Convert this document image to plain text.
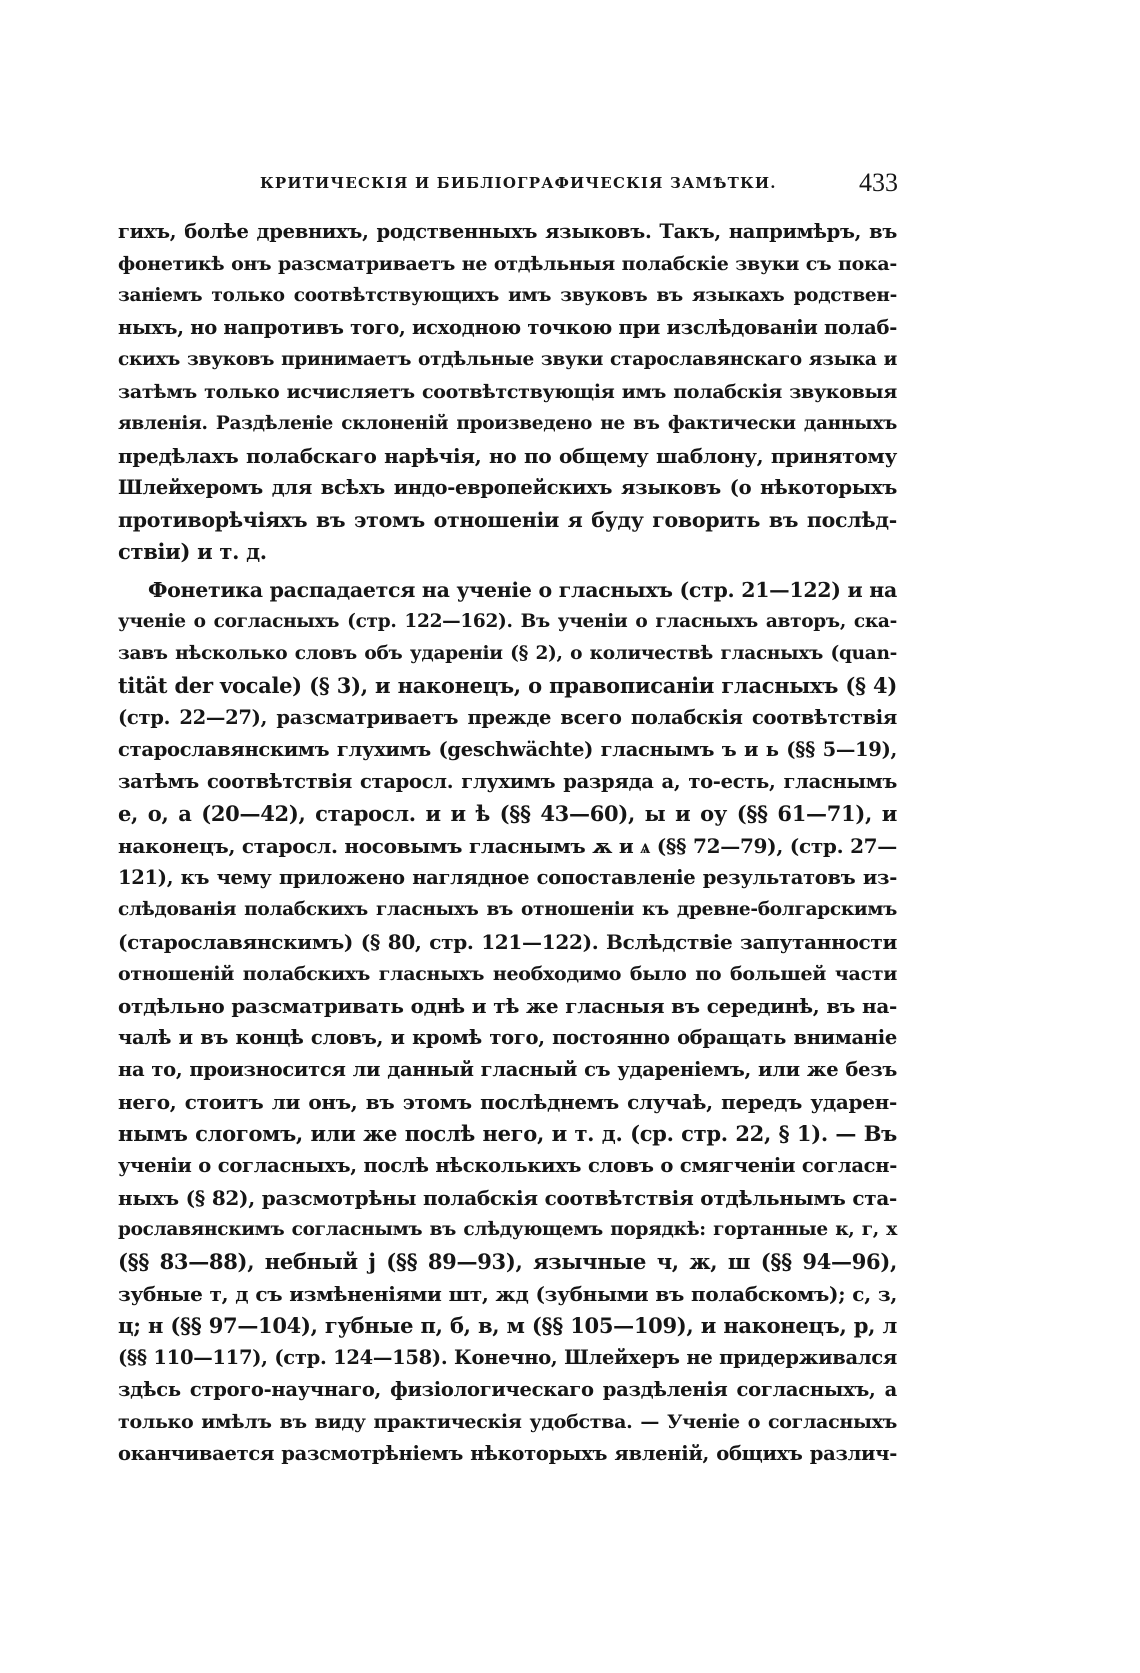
КРИТИЧЕСКІЯ И БИБЛІОГРАФИЧЕСКІЯ ЗАМѢТКИ.	433
гихъ, болѣе древнихъ, родственныхъ языковъ. Такъ, напримѣръ, въ
фонетикѣ онъ разсматриваетъ не отдѣльныя полабскіе звуки съ пока-
заніемъ только соотвѣтствующихъ имъ звуковъ въ языкахъ родствен-
ныхъ, но напротивъ того, исходною точкою при изслѣдованіи полаб-
скихъ звуковъ принимаетъ отдѣльные звуки старославянскаго языка и
затѣмъ только исчисляетъ соотвѣтствующія имъ полабскія звуковыя
явленія. Раздѣленіе склоненій произведено не въ фактически данныхъ
предѣлахъ полабскаго нарѣчія, но по общему шаблону, принятому
Шлейхеромъ для всѣхъ индо-европейскихъ языковъ (о нѣкоторыхъ
противорѣчіяхъ въ этомъ отношеніи я буду говорить въ послѣд-
ствіи) и т. д.
Фонетика распадается на ученіе о гласныхъ (стр. 21—122) и на
ученіе о согласныхъ (стр. 122—162). Въ ученіи о гласныхъ авторъ, ска-
завъ нѣсколько словъ объ удареніи (§ 2), о количествѣ гласныхъ (quan-
tität der vocale) (§ 3), и наконецъ, о правописаніи гласныхъ (§ 4)
(стр. 22—27), разсматриваетъ прежде всего полабскія соотвѣтствія
старославянскимъ глухимъ (geschwächte) гласнымъ ъ и ь (§§ 5—19),
затѣмъ соотвѣтствія старосл. глухимъ разряда а, то-есть, гласнымъ
е, о, а (20—42), старосл. и и ѣ (§§ 43—60), ы и оу (§§ 61—71), и
наконецъ, старосл. носовымъ гласнымъ ѫ и ѧ (§§ 72—79), (стр. 27—
121), къ чему приложено наглядное сопоставленіе результатовъ из-
слѣдованія полабскихъ гласныхъ въ отношеніи къ древне-болгарскимъ
(старославянскимъ) (§ 80, стр. 121—122). Вслѣдствіе запутанности
отношеній полабскихъ гласныхъ необходимо было по большей части
отдѣльно разсматривать однѣ и тѣ же гласныя въ серединѣ, въ на-
чалѣ и въ концѣ словъ, и кромѣ того, постоянно обращать вниманіе
на то, произносится ли данный гласный съ удареніемъ, или же безъ
него, стоитъ ли онъ, въ этомъ послѣднемъ случаѣ, передъ ударен-
нымъ слогомъ, или же послѣ него, и т. д. (ср. стр. 22, § 1). — Въ
ученіи о согласныхъ, послѣ нѣсколькихъ словъ о смягченіи согласн-
ныхъ (§ 82), разсмотрѣны полабскія соотвѣтствія отдѣльнымъ ста-
рославянскимъ согласнымъ въ слѣдующемъ порядкѣ: гортанные к, г, х
(§§ 83—88), небный j (§§ 89—93), язычные ч, ж, ш (§§ 94—96),
зубные т, д съ измѣненіями шт, жд (зубными въ полабскомъ); с, з,
ц; н (§§ 97—104), губные п, б, в, м (§§ 105—109), и наконецъ, р, л
(§§ 110—117), (стр. 124—158). Конечно, Шлейхеръ не придерживался
здѣсь строго-научнаго, физіологическаго раздѣленія согласныхъ, а
только имѣлъ въ виду практическія удобства. — Ученіе о согласныхъ
оканчивается разсмотрѣніемъ нѣкоторыхъ явленій, общихъ различ-
